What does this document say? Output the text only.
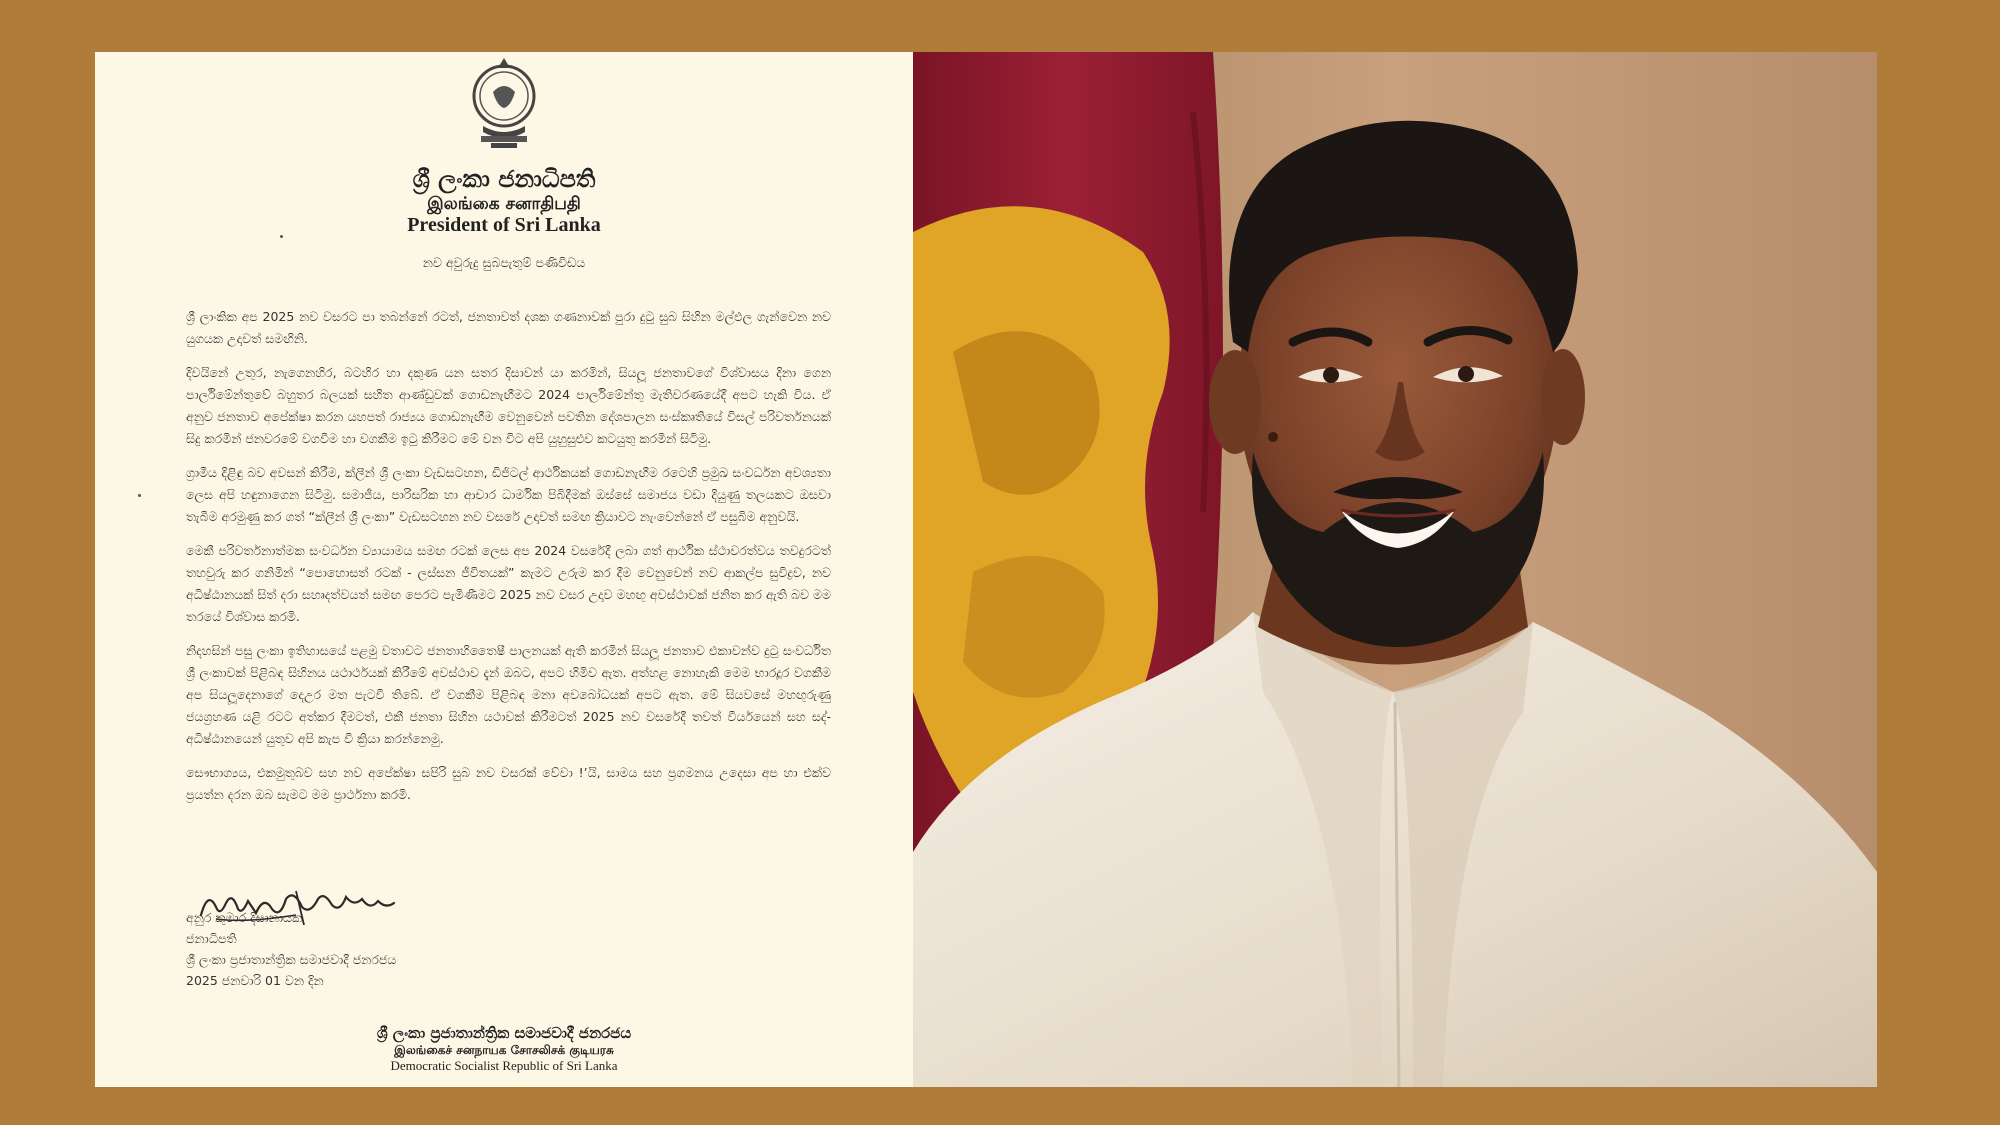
ශ්‍රී ලංකා ජනාධිපති
இலங்கை சனாதிபதி
President of Sri Lanka
නව අවුරුදු සුබපැතුම් පණිවිඩය

ශ්‍රී ලාංකික අප 2025 නව වසරට පා තබන්නේ රටත්, ජනතාවත් දශක ගණනාවක් පුරා දුටු සුබ සිහින මල්ඵල ගැන්වෙන නව යුගයක උදාවත් සමඟිනි.

දිවයිනේ උතුර, නැගෙනහිර, බටහිර හා දකුණ යන සතර දිසාවන් යා කරමින්, සියලූ ජනතාවගේ විශ්වාසය දිනා ගෙන පාර්ලිමේන්තුවේ බහුතර බලයක් සහිත ආණ්ඩුවක් ගොඩනැඟීමට 2024 පාර්ලිමේන්තු මැතිවරණයේදී අපට හැකි විය. ඒ අනුව ජනතාව අපේක්ෂා කරන යහපත් රාජ්‍යය ගොඩනැඟීම වෙනුවෙන් පවතින දේශපාලන සංස්කෘතියේ විසල් පරිවර්තනයක් සිදු කරමින් ජනවරමේ වගවීම හා වගකීම ඉටු කිරීමට මේ වන විට අපි යුහුසුළුව කටයුතු කරමින් සිටිමු.

ග්‍රාමීය දිළිඳු බව අවසන් කිරීම, ක්ලීන් ශ්‍රී ලංකා වැඩසටහන, ඩිජිටල් ආර්ථිකයක් ගොඩනැඟීම රටෙහි ප්‍රමුඛ සංවර්ධන අවශ්‍යතා ලෙස අපි හඳුනාගෙන සිටිමු. සමාජීය, පාරිසරික හා ආචාර ධාර්මික පිබිදීමක් ඔස්සේ සමාජය වඩා දියුණු තලයකට ඔසවා තැබීම අරමුණු කර ගත් “ක්ලීන් ශ්‍රී ලංකා” වැඩසටහන නව වසරේ උදාවත් සමඟ ක්‍රියාවට නැංවෙන්නේ ඒ පසුබිම අනුවයි.

මෙකී පරිවර්තනාත්මක සංවර්ධන ව්‍යායාමය සමඟ රටක් ලෙස අප 2024 වසරේදී ලබා ගත් ආර්ථික ස්ථාවරත්වය තවදුරටත් තහවුරු කර ගනිමින් “පොහොසත් රටක් - ලස්සන ජීවිතයක්” කැමට උරුම කර දීම වෙනුවෙන් නව ආකල්ප සුවිද්‍රව, නව අධිෂ්ඨානයක් සිත් දරා සහෘදත්වයත් සමඟ පෙරට පැමිණීමට 2025 නව වසර උදාව මහඟු අවස්ථාවක් ජනිත කර ඇති බව මම තරයේ විශ්වාස කරමි.

නිදහසින් පසු ලංකා ඉතිහාසයේ පළමු වතාවට ජනතාහිතෛෂී පාලනයක් ඇති කරමින් සියලූ ජනතාව එකාවන්ව දුටු සංවර්ධිත ශ්‍රී ලංකාවක් පිළිබඳ සිහිනය යථාර්ථයක් කිරීමේ අවස්ථාව දැන් ඔබට, අපට හිමිව ඇත. අත්හළ නොහැකි මෙම භාරදූර වගකීම අප සියලූදෙනාගේ දෙඋර මත පැටවී තිබේ. ඒ වගකීම පිළිබඳ මනා අවබෝධයක් අපට ඇත. මේ සියවසේ මහඟුරුණු ජයග්‍රහණ යළි රටට අත්කර දීමටත්, එකී ජනතා සිහින යථාවක් කිරීමටත් 2025 නව වසරේදී තවත් වීර්යයෙන් සහ සද්- අධිෂ්ඨානයෙන් යුතුව අපි කැප වී ක්‍රියා කරන්නෙමු.

සෞභාග්‍යය, එකමුතුබව සහ නව අපේක්ෂා සපිරි සුබ නව වසරක් වේවා !’යි, සාමය සහ ප්‍රගමනය උදෙසා අප හා එක්ව ප්‍රයත්න දරන ඔබ සැමට මම ප්‍රාර්ථනා කරමි.

අනුර කුමාර දිසානායක
ජනාධිපති
ශ්‍රී ලංකා ප්‍රජාතාන්ත්‍රික සමාජවාදී ජනරජය
2025 ජනවාරි 01 වන දින
ශ්‍රී ලංකා ප්‍රජාතාන්ත්‍රික සමාජවාදී ජනරජය
இலங்கைச் சனநாயக சோசலிசக் குடியரசு
Democratic Socialist Republic of Sri Lanka
